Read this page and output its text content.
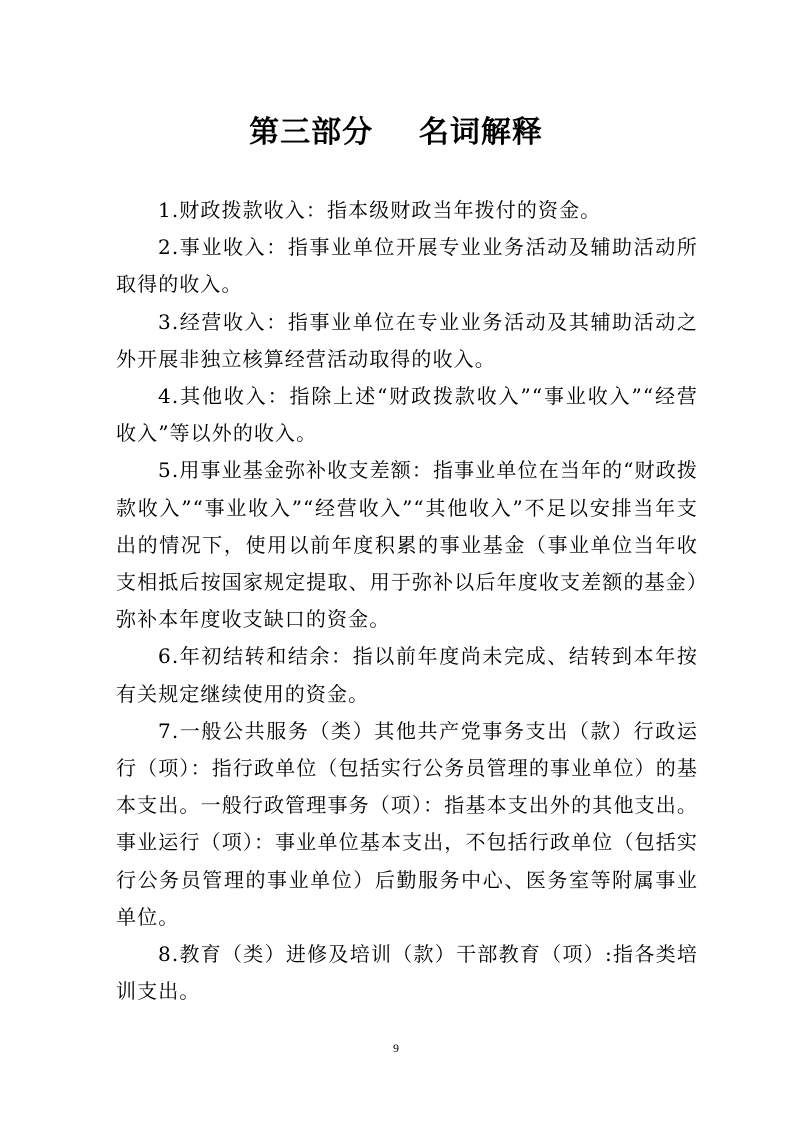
第三部分    名词解释

1.财政拨款收入：指本级财政当年拨付的资金。

2.事业收入：指事业单位开展专业业务活动及辅助活动所取得的收入。

3.经营收入：指事业单位在专业业务活动及其辅助活动之外开展非独立核算经营活动取得的收入。

4.其他收入：指除上述“财政拨款收入”“事业收入”“经营收入”等以外的收入。

5.用事业基金弥补收支差额：指事业单位在当年的“财政拨款收入”“事业收入”“经营收入”“其他收入”不足以安排当年支出的情况下，使用以前年度积累的事业基金（事业单位当年收支相抵后按国家规定提取、用于弥补以后年度收支差额的基金）弥补本年度收支缺口的资金。

6.年初结转和结余：指以前年度尚未完成、结转到本年按有关规定继续使用的资金。

7.一般公共服务（类）其他共产党事务支出（款）行政运行（项）：指行政单位（包括实行公务员管理的事业单位）的基本支出。一般行政管理事务（项）：指基本支出外的其他支出。事业运行（项）：事业单位基本支出，不包括行政单位（包括实行公务员管理的事业单位）后勤服务中心、医务室等附属事业单位。

8.教育（类）进修及培训（款）干部教育（项）:指各类培训支出。

9
